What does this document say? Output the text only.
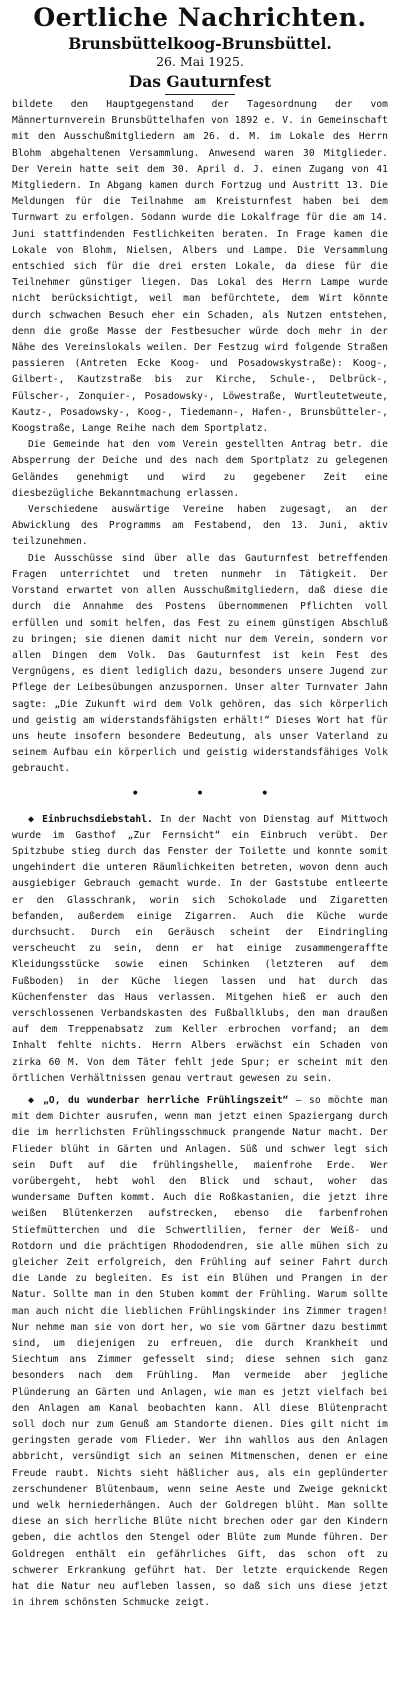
Oertliche Nachrichten.
Brunsbüttelkoog-Brunsbüttel.
26. Mai 1925.
Das Gauturnfest

bildete den Hauptgegenstand der Tagesordnung der vom Männerturnverein Brunsbüttelhafen von 1892 e. V. in Gemeinschaft mit den Ausschußmitgliedern am 26. d. M. im Lokale des Herrn Blohm abgehaltenen Versammlung. Anwesend waren 30 Mitglieder. Der Verein hatte seit dem 30. April d. J. einen Zugang von 41 Mitgliedern. In Abgang kamen durch Fortzug und Austritt 13. Die Meldungen für die Teilnahme am Kreisturnfest haben bei dem Turnwart zu erfolgen. Sodann wurde die Lokalfrage für die am 14. Juni stattfindenden Festlichkeiten beraten. In Frage kamen die Lokale von Blohm, Nielsen, Albers und Lampe. Die Versammlung entschied sich für die drei ersten Lokale, da diese für die Teilnehmer günstiger liegen. Das Lokal des Herrn Lampe wurde nicht berücksichtigt, weil man befürchtete, dem Wirt könnte durch schwachen Besuch eher ein Schaden, als Nutzen entstehen, denn die große Masse der Festbesucher würde doch mehr in der Nähe des Vereinslokals weilen. Der Festzug wird folgende Straßen passieren (Antreten Ecke Koog- und Posadowskystraße): Koog-, Gilbert-, Kautzstraße bis zur Kirche, Schule-, Delbrück-, Fülscher-, Zonquier-, Posadowsky-, Löwestraße, Wurtleutetweute, Kautz-, Posadowsky-, Koog-, Tiedemann-, Hafen-, Brunsbütteler-, Koogstraße, Lange Reihe nach dem Sportplatz.

Die Gemeinde hat den vom Verein gestellten Antrag betr. die Absperrung der Deiche und des nach dem Sportplatz zu gelegenen Geländes genehmigt und wird zu gegebener Zeit eine diesbezügliche Bekanntmachung erlassen.

Verschiedene auswärtige Vereine haben zugesagt, an der Abwicklung des Programms am Festabend, den 13. Juni, aktiv teilzunehmen.

Die Ausschüsse sind über alle das Gauturnfest betreffenden Fragen unterrichtet und treten nunmehr in Tätigkeit. Der Vorstand erwartet von allen Ausschußmitgliedern, daß diese die durch die Annahme des Postens übernommenen Pflichten voll erfüllen und somit helfen, das Fest zu einem günstigen Abschluß zu bringen; sie dienen damit nicht nur dem Verein, sondern vor allen Dingen dem Volk. Das Gauturnfest ist kein Fest des Vergnügens, es dient lediglich dazu, besonders unsere Jugend zur Pflege der Leibesübungen anzuspornen. Unser alter Turnvater Jahn sagte: „Die Zukunft wird dem Volk gehören, das sich körperlich und geistig am widerstandsfähigsten erhält!“ Dieses Wort hat für uns heute insofern besondere Bedeutung, als unser Vaterland zu seinem Aufbau ein körperlich und geistig widerstandsfähiges Volk gebraucht.

• • •

◆ Einbruchsdiebstahl. In der Nacht von Dienstag auf Mittwoch wurde im Gasthof „Zur Fernsicht“ ein Einbruch verübt. Der Spitzbube stieg durch das Fenster der Toilette und konnte somit ungehindert die unteren Räumlichkeiten betreten, wovon denn auch ausgiebiger Gebrauch gemacht wurde. In der Gaststube entleerte er den Glasschrank, worin sich Schokolade und Zigaretten befanden, außerdem einige Zigarren. Auch die Küche wurde durchsucht. Durch ein Geräusch scheint der Eindringling verscheucht zu sein, denn er hat einige zusammengeraffte Kleidungsstücke sowie einen Schinken (letzteren auf dem Fußboden) in der Küche liegen lassen und hat durch das Küchenfenster das Haus verlassen. Mitgehen hieß er auch den verschlossenen Verbandskasten des Fußballklubs, den man draußen auf dem Treppenabsatz zum Keller erbrochen vorfand; an dem Inhalt fehlte nichts. Herrn Albers erwächst ein Schaden von zirka 60 M. Von dem Täter fehlt jede Spur; er scheint mit den örtlichen Verhältnissen genau vertraut gewesen zu sein.

◆ „O, du wunderbar herrliche Frühlingszeit“ — so möchte man mit dem Dichter ausrufen, wenn man jetzt einen Spaziergang durch die im herrlichsten Frühlingsschmuck prangende Natur macht. Der Flieder blüht in Gärten und Anlagen. Süß und schwer legt sich sein Duft auf die frühlingshelle, maienfrohe Erde. Wer vorübergeht, hebt wohl den Blick und schaut, woher das wundersame Duften kommt. Auch die Roßkastanien, die jetzt ihre weißen Blütenkerzen aufstrecken, ebenso die farbenfrohen Stiefmütterchen und die Schwertlilien, ferner der Weiß- und Rotdorn und die prächtigen Rhododendren, sie alle mühen sich zu gleicher Zeit erfolgreich, den Frühling auf seiner Fahrt durch die Lande zu begleiten. Es ist ein Blühen und Prangen in der Natur. Sollte man in den Stuben kommt der Frühling. Warum sollte man auch nicht die lieblichen Frühlingskinder ins Zimmer tragen! Nur nehme man sie von dort her, wo sie vom Gärtner dazu bestimmt sind, um diejenigen zu erfreuen, die durch Krankheit und Siechtum ans Zimmer gefesselt sind; diese sehnen sich ganz besonders nach dem Frühling. Man vermeide aber jegliche Plünderung an Gärten und Anlagen, wie man es jetzt vielfach bei den Anlagen am Kanal beobachten kann. All diese Blütenpracht soll doch nur zum Genuß am Standorte dienen. Dies gilt nicht im geringsten gerade vom Flieder. Wer ihn wahllos aus den Anlagen abbricht, versündigt sich an seinen Mitmenschen, denen er eine Freude raubt. Nichts sieht häßlicher aus, als ein geplünderter zerschundener Blütenbaum, wenn seine Aeste und Zweige geknickt und welk herniederhängen. Auch der Goldregen blüht. Man sollte diese an sich herrliche Blüte nicht brechen oder gar den Kindern geben, die achtlos den Stengel oder Blüte zum Munde führen. Der Goldregen enthält ein gefährliches Gift, das schon oft zu schwerer Erkrankung geführt hat. Der letzte erquickende Regen hat die Natur neu aufleben lassen, so daß sich uns diese jetzt in ihrem schönsten Schmucke zeigt.
